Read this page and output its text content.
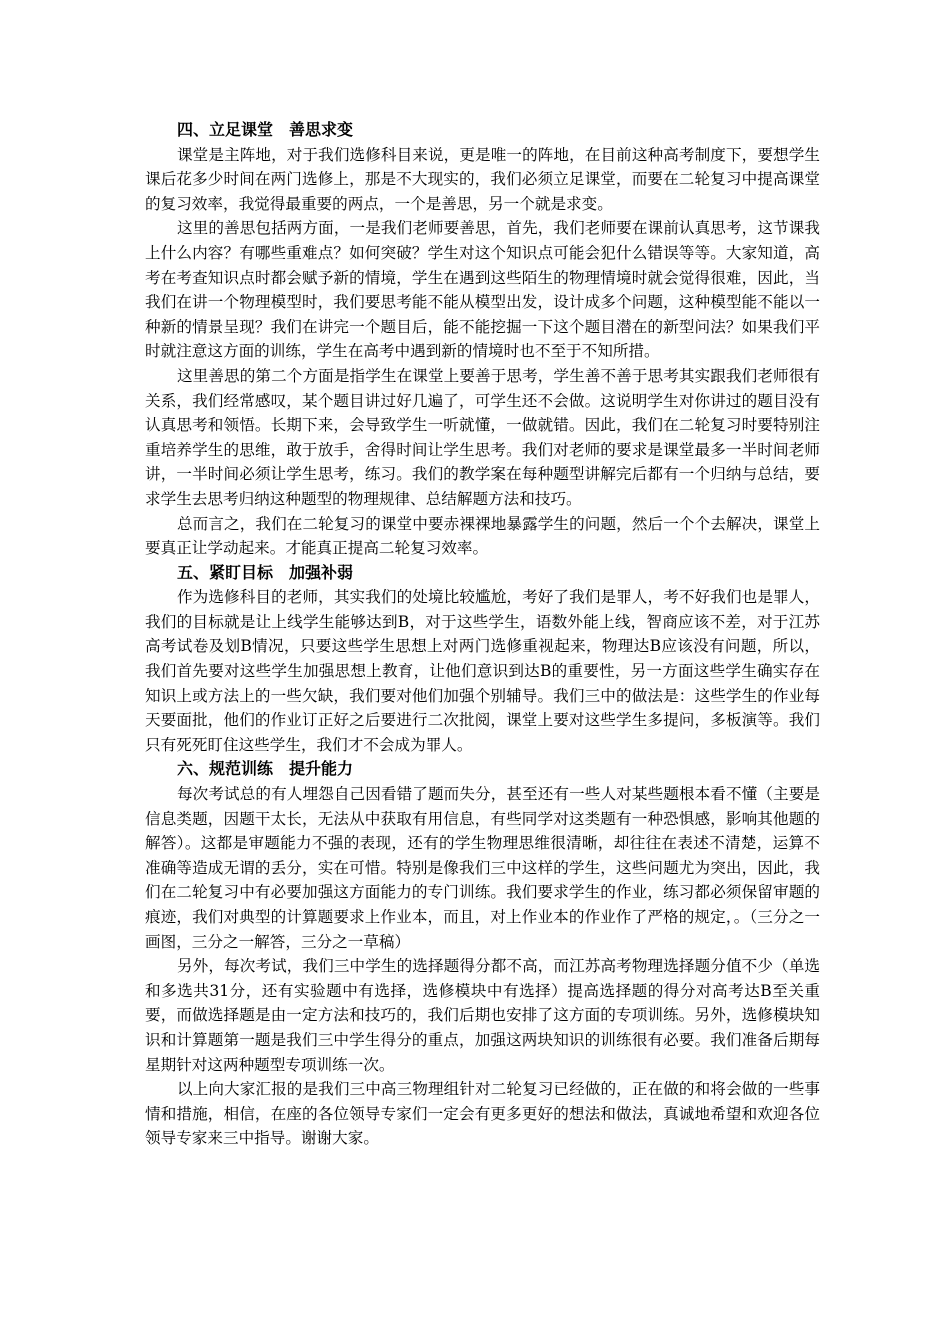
四、立足课堂　善思求变

课堂是主阵地，对于我们选修科目来说，更是唯一的阵地，在目前这种高考制度下，要想学生课后花多少时间在两门选修上，那是不大现实的，我们必须立足课堂，而要在二轮复习中提高课堂的复习效率，我觉得最重要的两点，一个是善思，另一个就是求变。

这里的善思包括两方面，一是我们老师要善思，首先，我们老师要在课前认真思考，这节课我上什么内容？有哪些重难点？如何突破？学生对这个知识点可能会犯什么错误等等。大家知道，高考在考查知识点时都会赋予新的情境，学生在遇到这些陌生的物理情境时就会觉得很难，因此，当我们在讲一个物理模型时，我们要思考能不能从模型出发，设计成多个问题，这种模型能不能以一种新的情景呈现？我们在讲完一个题目后，能不能挖掘一下这个题目潜在的新型问法？如果我们平时就注意这方面的训练，学生在高考中遇到新的情境时也不至于不知所措。

这里善思的第二个方面是指学生在课堂上要善于思考，学生善不善于思考其实跟我们老师很有关系，我们经常感叹，某个题目讲过好几遍了，可学生还不会做。这说明学生对你讲过的题目没有认真思考和领悟。长期下来，会导致学生一听就懂，一做就错。因此，我们在二轮复习时要特别注重培养学生的思维，敢于放手，舍得时间让学生思考。我们对老师的要求是课堂最多一半时间老师讲，一半时间必须让学生思考，练习。我们的教学案在每种题型讲解完后都有一个归纳与总结，要求学生去思考归纳这种题型的物理规律、总结解题方法和技巧。

总而言之，我们在二轮复习的课堂中要赤裸裸地暴露学生的问题，然后一个个去解决，课堂上要真正让学动起来。才能真正提高二轮复习效率。

五、紧盯目标　加强补弱

作为选修科目的老师，其实我们的处境比较尴尬，考好了我们是罪人，考不好我们也是罪人，我们的目标就是让上线学生能够达到B，对于这些学生，语数外能上线，智商应该不差，对于江苏高考试卷及划B情况，只要这些学生思想上对两门选修重视起来，物理达B应该没有问题，所以，我们首先要对这些学生加强思想上教育，让他们意识到达B的重要性，另一方面这些学生确实存在知识上或方法上的一些欠缺，我们要对他们加强个别辅导。我们三中的做法是：这些学生的作业每天要面批，他们的作业订正好之后要进行二次批阅，课堂上要对这些学生多提问，多板演等。我们只有死死盯住这些学生，我们才不会成为罪人。

六、规范训练　提升能力

每次考试总的有人埋怨自己因看错了题而失分，甚至还有一些人对某些题根本看不懂（主要是信息类题，因题干太长，无法从中获取有用信息，有些同学对这类题有一种恐惧感，影响其他题的解答）。这都是审题能力不强的表现，还有的学生物理思维很清晰，却往往在表述不清楚，运算不准确等造成无谓的丢分，实在可惜。特别是像我们三中这样的学生，这些问题尤为突出，因此，我们在二轮复习中有必要加强这方面能力的专门训练。我们要求学生的作业，练习都必须保留审题的痕迹，我们对典型的计算题要求上作业本，而且，对上作业本的作业作了严格的规定，。（三分之一画图，三分之一解答，三分之一草稿）

另外，每次考试，我们三中学生的选择题得分都不高，而江苏高考物理选择题分值不少（单选和多选共31分，还有实验题中有选择，选修模块中有选择）提高选择题的得分对高考达B至关重要，而做选择题是由一定方法和技巧的，我们后期也安排了这方面的专项训练。另外，选修模块知识和计算题第一题是我们三中学生得分的重点，加强这两块知识的训练很有必要。我们准备后期每星期针对这两种题型专项训练一次。

以上向大家汇报的是我们三中高三物理组针对二轮复习已经做的，正在做的和将会做的一些事情和措施，相信，在座的各位领导专家们一定会有更多更好的想法和做法，真诚地希望和欢迎各位领导专家来三中指导。谢谢大家。
